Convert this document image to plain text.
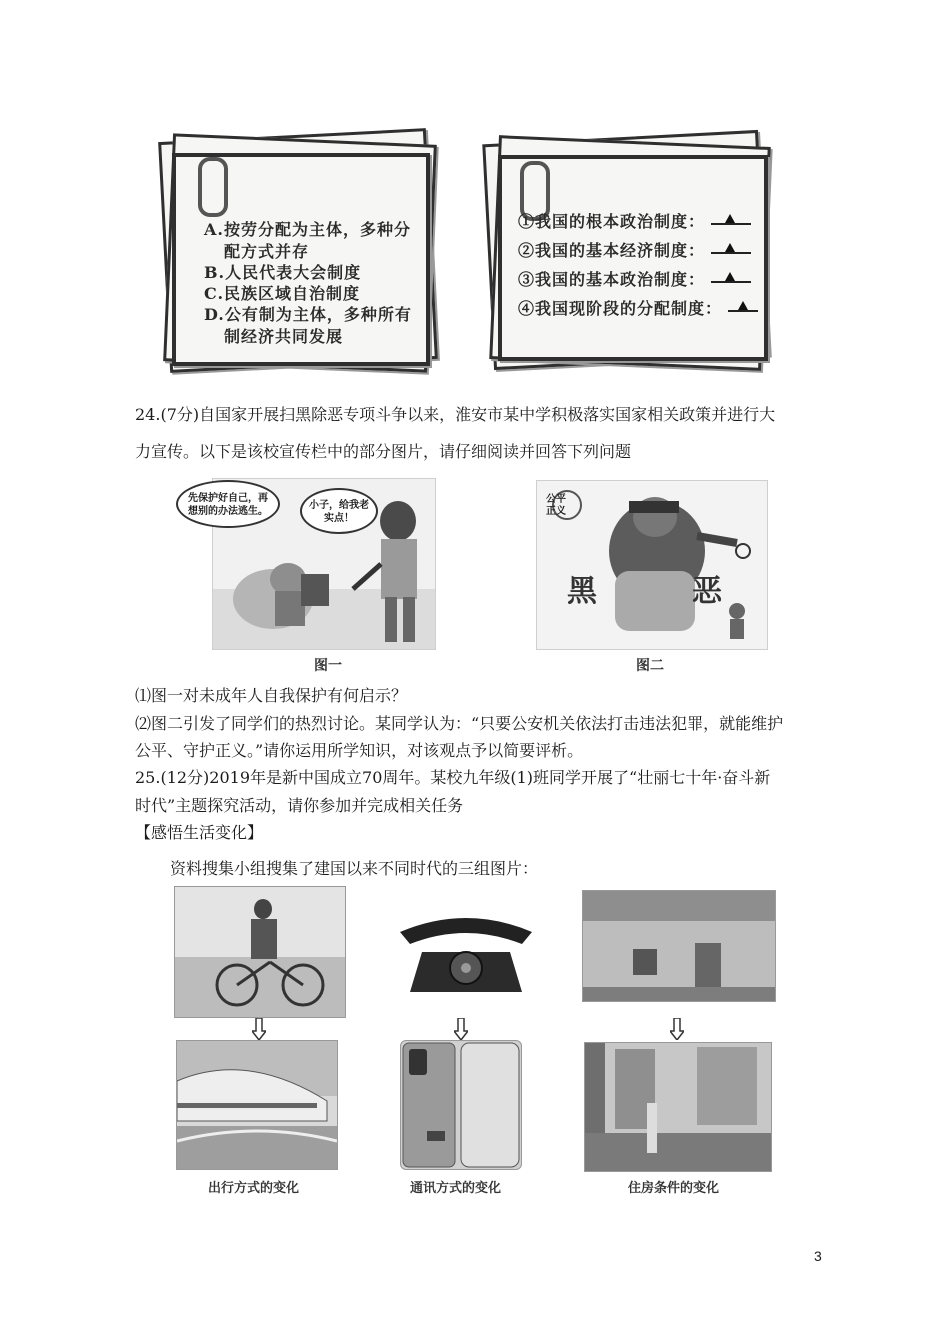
A.按劳分配为主体，多种分
配方式并存
B.人民代表大会制度
C.民族区域自治制度
D.公有制为主体，多种所有
制经济共同发展
①我国的根本政治制度：
②我国的基本经济制度：
③我国的基本政治制度：
④我国现阶段的分配制度：
24.(7分)自国家开展扫黑除恶专项斗争以来，淮安市某中学积极落实国家相关政策并进行大
力宣传。以下是该校宣传栏中的部分图片，请仔细阅读并回答下列问题
先保护好自己，再想别的办法逃生。
小子，给我老实点！
图一
黑	恶
公平正义
图二
⑴图一对未成年人自我保护有何启示？
⑵图二引发了同学们的热烈讨论。某同学认为：“只要公安机关依法打击违法犯罪，就能维护
公平、守护正义。”请你运用所学知识，对该观点予以简要评析。
25.(12分)2019年是新中国成立70周年。某校九年级(1)班同学开展了“壮丽七十年·奋斗新
时代”主题探究活动，请你参加并完成相关任务
【感悟生活变化】
资料搜集小组搜集了建国以来不同时代的三组图片：
出行方式的变化	通讯方式的变化	住房条件的变化
3
